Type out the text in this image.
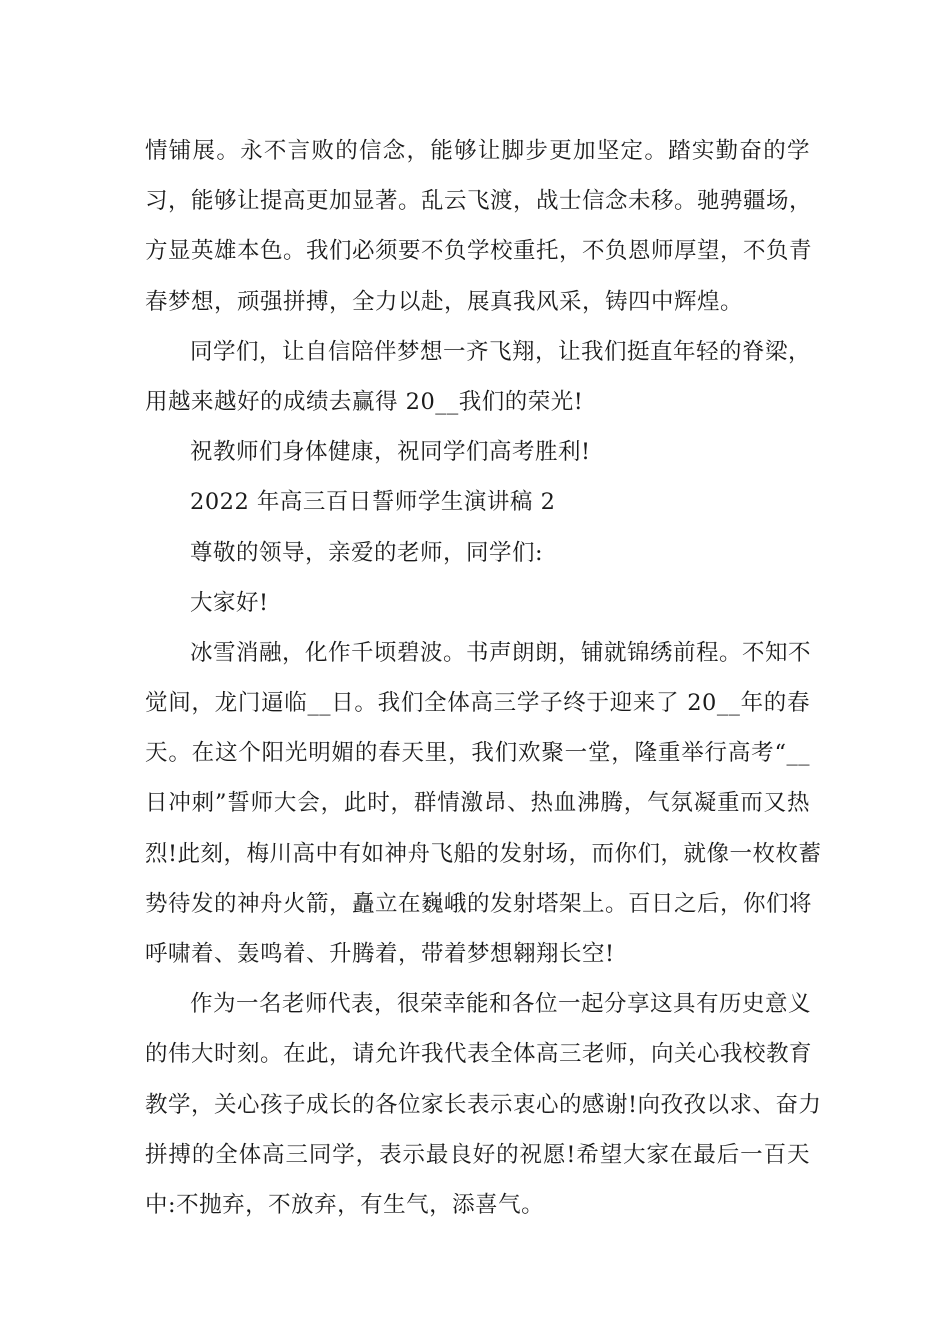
情铺展。永不言败的信念，能够让脚步更加坚定。踏实勤奋的学
习，能够让提高更加显著。乱云飞渡，战士信念未移。驰骋疆场，
方显英雄本色。我们必须要不负学校重托，不负恩师厚望，不负青
春梦想，顽强拼搏，全力以赴，展真我风采，铸四中辉煌。
同学们，让自信陪伴梦想一齐飞翔，让我们挺直年轻的脊梁，
用越来越好的成绩去赢得 20__我们的荣光!
祝教师们身体健康，祝同学们高考胜利!
2022 年高三百日誓师学生演讲稿 2
尊敬的领导，亲爱的老师，同学们:
大家好!
冰雪消融，化作千顷碧波。书声朗朗，铺就锦绣前程。不知不
觉间，龙门逼临__日。我们全体高三学子终于迎来了 20__年的春
天。在这个阳光明媚的春天里，我们欢聚一堂，隆重举行高考“__
日冲刺”誓师大会，此时，群情激昂、热血沸腾，气氛凝重而又热
烈!此刻，梅川高中有如神舟飞船的发射场，而你们，就像一枚枚蓄
势待发的神舟火箭，矗立在巍峨的发射塔架上。百日之后，你们将
呼啸着、轰鸣着、升腾着，带着梦想翱翔长空!
作为一名老师代表，很荣幸能和各位一起分享这具有历史意义
的伟大时刻。在此，请允许我代表全体高三老师，向关心我校教育
教学，关心孩子成长的各位家长表示衷心的感谢!向孜孜以求、奋力
拼搏的全体高三同学，表示最良好的祝愿!希望大家在最后一百天
中:不抛弃，不放弃，有生气，添喜气。
